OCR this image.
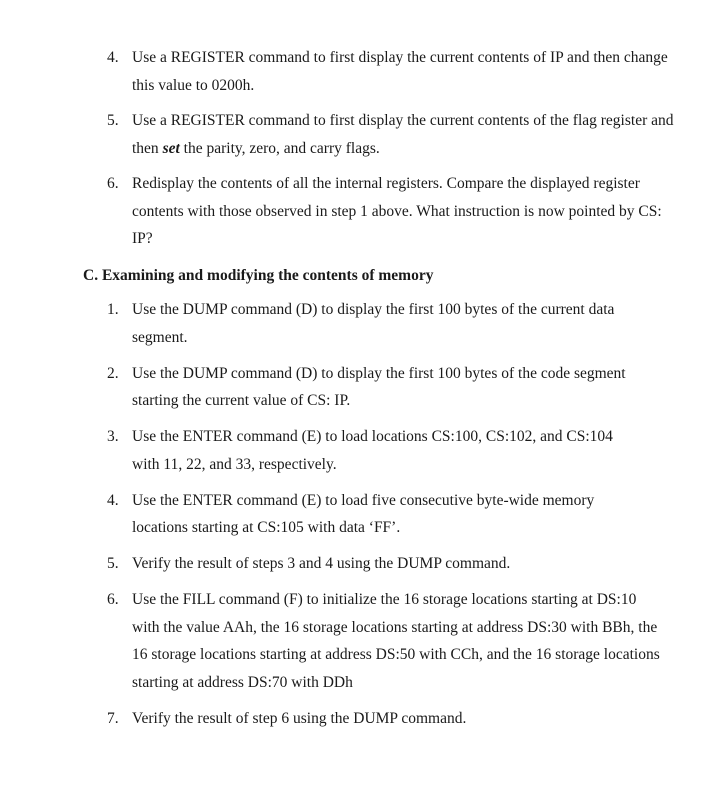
4. Use a REGISTER command to first display the current contents of IP and then change this value to 0200h.
5. Use a REGISTER command to first display the current contents of the flag register and then set the parity, zero, and carry flags.
6. Redisplay the contents of all the internal registers. Compare the displayed register contents with those observed in step 1 above. What instruction is now pointed by CS: IP?
C. Examining and modifying the contents of memory
1. Use the DUMP command (D) to display the first 100 bytes of the current data segment.
2. Use the DUMP command (D) to display the first 100 bytes of the code segment starting the current value of CS: IP.
3. Use the ENTER command (E) to load locations CS:100, CS:102, and CS:104 with 11, 22, and 33, respectively.
4. Use the ENTER command (E) to load five consecutive byte-wide memory locations starting at CS:105 with data ‘FF’.
5. Verify the result of steps 3 and 4 using the DUMP command.
6. Use the FILL command (F) to initialize the 16 storage locations starting at DS:10 with the value AAh, the 16 storage locations starting at address DS:30 with BBh, the 16 storage locations starting at address DS:50 with CCh, and the 16 storage locations starting at address DS:70 with DDh
7. Verify the result of step 6 using the DUMP command.
